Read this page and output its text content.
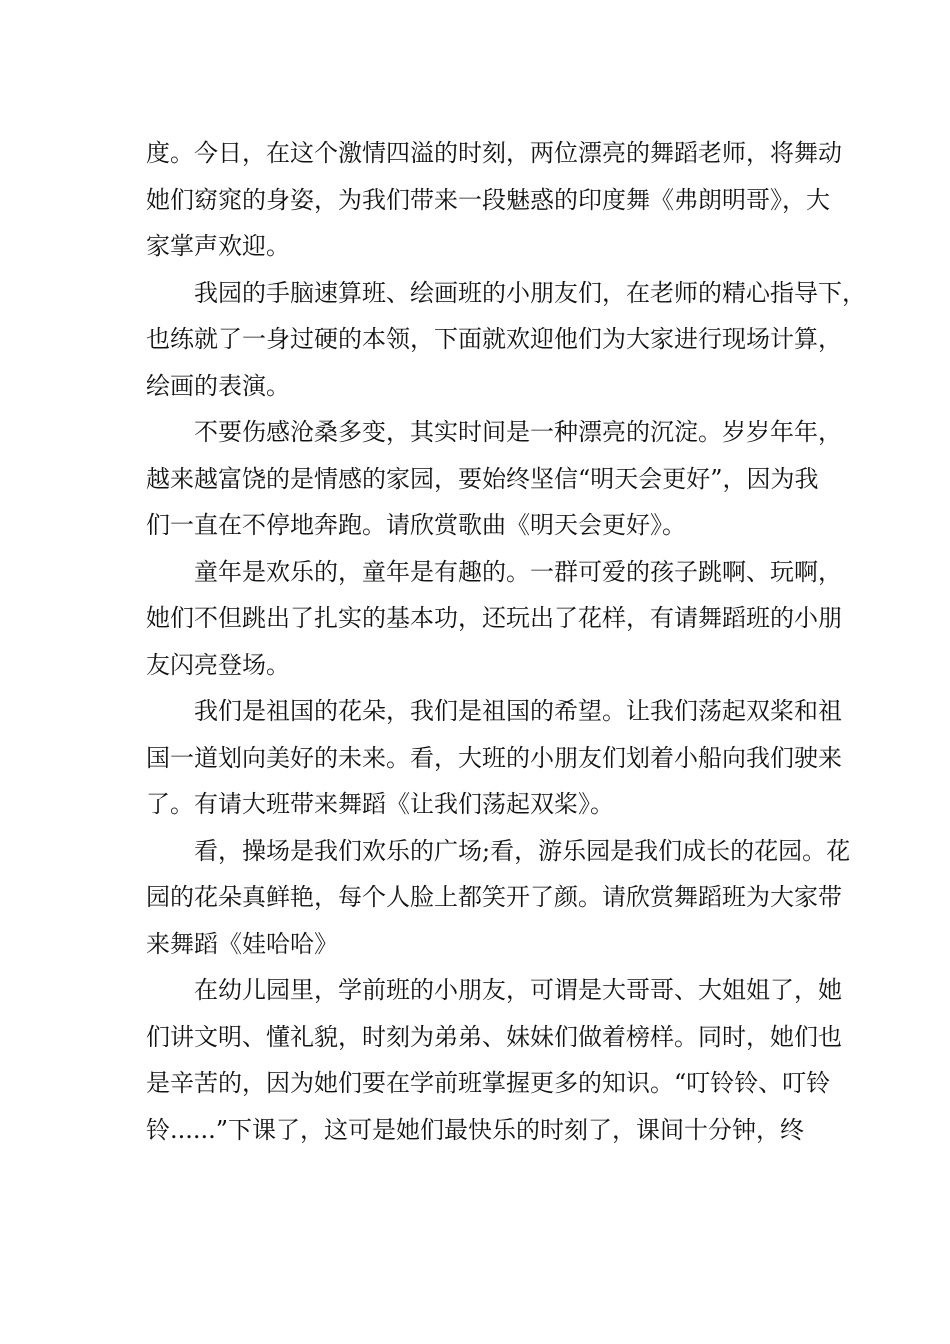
度。今日，在这个激情四溢的时刻，两位漂亮的舞蹈老师，将舞动
她们窈窕的身姿，为我们带来一段魅惑的印度舞《弗朗明哥》，大
家掌声欢迎。
我园的手脑速算班、绘画班的小朋友们，在老师的精心指导下，
也练就了一身过硬的本领，下面就欢迎他们为大家进行现场计算，
绘画的表演。
不要伤感沧桑多变，其实时间是一种漂亮的沉淀。岁岁年年，
越来越富饶的是情感的家园，要始终坚信“明天会更好”，因为我
们一直在不停地奔跑。请欣赏歌曲《明天会更好》。
童年是欢乐的，童年是有趣的。一群可爱的孩子跳啊、玩啊，
她们不但跳出了扎实的基本功，还玩出了花样，有请舞蹈班的小朋
友闪亮登场。
我们是祖国的花朵，我们是祖国的希望。让我们荡起双桨和祖
国一道划向美好的未来。看，大班的小朋友们划着小船向我们驶来
了。有请大班带来舞蹈《让我们荡起双桨》。
看，操场是我们欢乐的广场;看，游乐园是我们成长的花园。花
园的花朵真鲜艳，每个人脸上都笑开了颜。请欣赏舞蹈班为大家带
来舞蹈《娃哈哈》
在幼儿园里，学前班的小朋友，可谓是大哥哥、大姐姐了，她
们讲文明、懂礼貌，时刻为弟弟、妹妹们做着榜样。同时，她们也
是辛苦的，因为她们要在学前班掌握更多的知识。“叮铃铃、叮铃
铃......”下课了，这可是她们最快乐的时刻了，课间十分钟，终
